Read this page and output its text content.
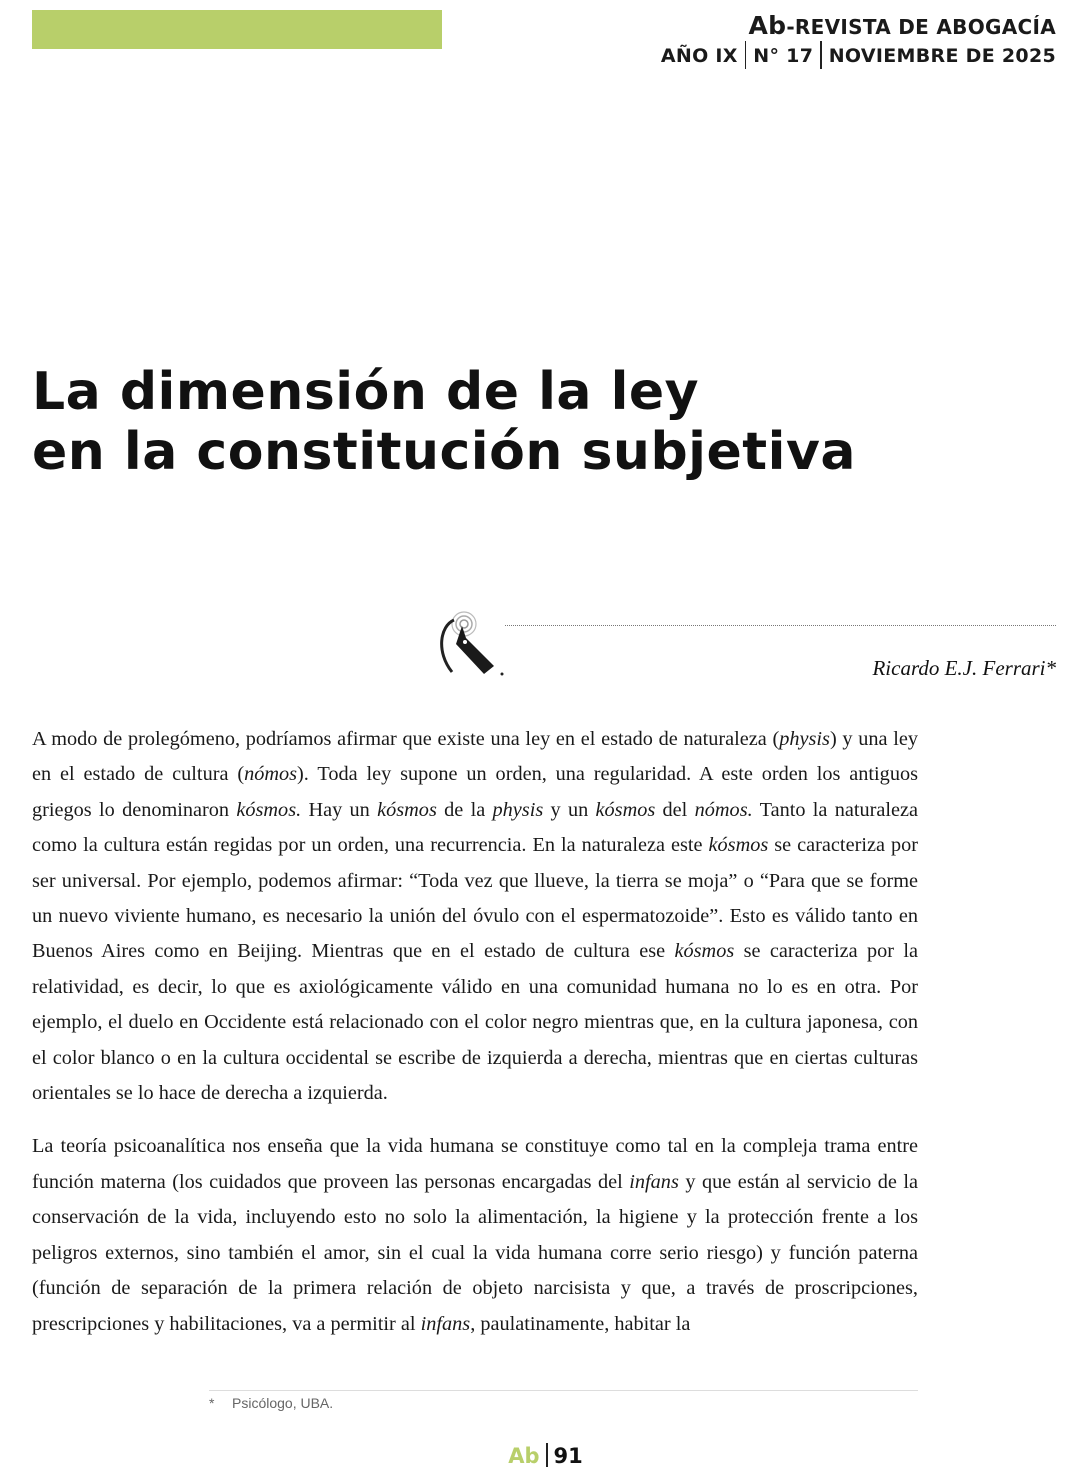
Ab-REVISTA DE ABOGACÍA
AÑO IX N° 17 NOVIEMBRE DE 2025
La dimensión de la ley
en la constitución subjetiva
Ricardo E.J. Ferrari*

A modo de prolegómeno, podríamos afirmar que existe una ley en el estado de naturaleza (physis) y una ley en el estado de cultura (nómos). Toda ley supone un orden, una regularidad. A este orden los antiguos griegos lo denominaron kósmos. Hay un kósmos de la physis y un kósmos del nómos. Tanto la naturaleza como la cultura están regidas por un orden, una recurrencia. En la naturaleza este kósmos se caracteriza por ser universal. Por ejemplo, podemos afirmar: “Toda vez que llueve, la tierra se moja” o “Para que se forme un nuevo viviente humano, es necesario la unión del óvulo con el espermatozoide”. Esto es válido tanto en Buenos Aires como en Beijing. Mientras que en el estado de cultura ese kósmos se caracteriza por la relatividad, es decir, lo que es axiológicamente válido en una comunidad humana no lo es en otra. Por ejemplo, el duelo en Occidente está relacionado con el color negro mientras que, en la cultura japonesa, con el color blanco o en la cultura occidental se escribe de izquierda a derecha, mientras que en ciertas culturas orientales se lo hace de derecha a izquierda.

La teoría psicoanalítica nos enseña que la vida humana se constituye como tal en la compleja trama entre función materna (los cuidados que proveen las personas encargadas del infans y que están al servicio de la conservación de la vida, incluyendo esto no solo la alimentación, la higiene y la protección frente a los peligros externos, sino también el amor, sin el cual la vida humana corre serio riesgo) y función paterna (función de separación de la primera relación de objeto narcisista y que, a través de proscripciones, prescripciones y habilitaciones, va a permitir al infans, paulatinamente, habitar la

* Psicólogo, UBA.
Ab 91
